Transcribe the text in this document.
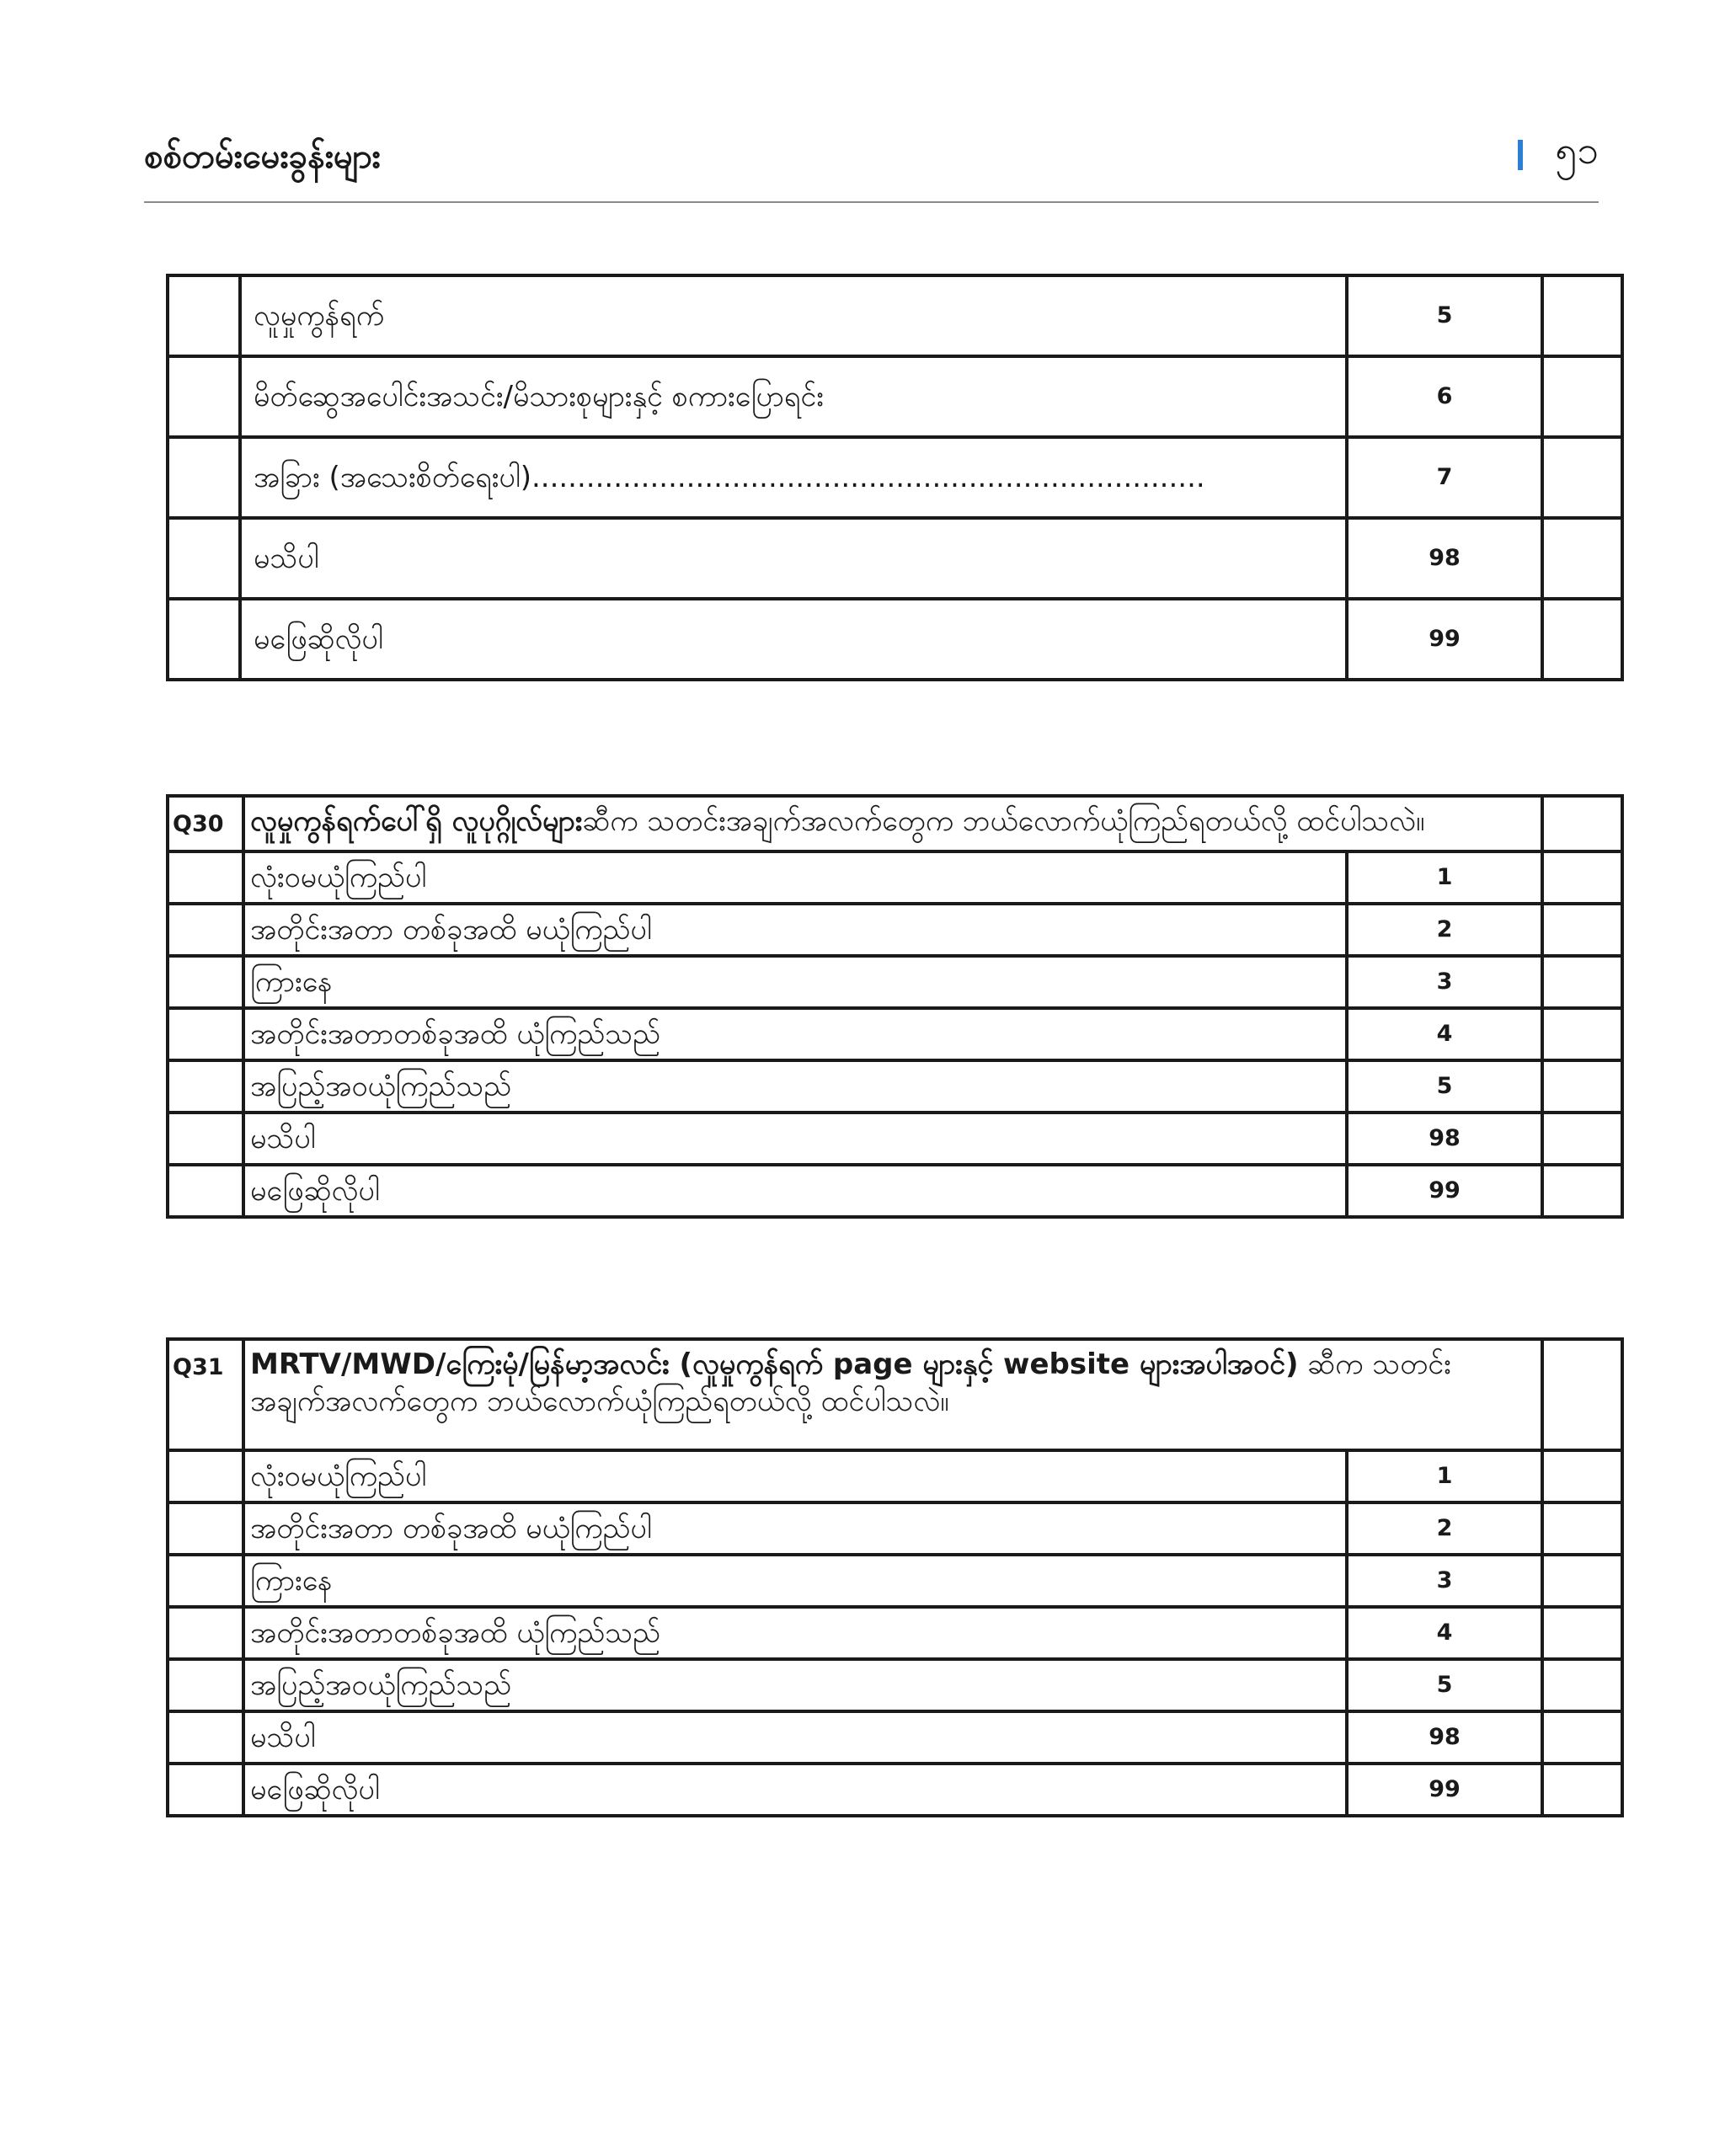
စစ်တမ်းမေးခွန်းများ	၅၁
	လူမှုကွန်ရက်	5	
	မိတ်ဆွေအပေါင်းအသင်း/မိသားစုများနှင့် စကားပြောရင်း	6	
	အခြား (အသေးစိတ်ရေးပါ)..........................................................................	7	
	မသိပါ	98	
	မဖြေဆိုလိုပါ	99	
Q30	လူမှုကွန်ရက်ပေါ်ရှိ လူပုဂ္ဂိုလ်များဆီက သတင်းအချက်အလက်တွေက ဘယ်လောက်ယုံကြည်ရတယ်လို့ ထင်ပါသလဲ။		
	လုံးဝမယုံကြည်ပါ	1	
	အတိုင်းအတာ တစ်ခုအထိ မယုံကြည်ပါ	2	
	ကြားနေ	3	
	အတိုင်းအတာတစ်ခုအထိ ယုံကြည်သည်	4	
	အပြည့်အဝယုံကြည်သည်	5	
	မသိပါ	98	
	မဖြေဆိုလိုပါ	99	
Q31	MRTV/MWD/ကြေးမုံ/မြန်မာ့အလင်း (လူမှုကွန်ရက် page များနှင့် website များအပါအဝင်) ဆီက သတင်းအချက်အလက်တွေက ဘယ်လောက်ယုံကြည်ရတယ်လို့ ထင်ပါသလဲ။		
	လုံးဝမယုံကြည်ပါ	1	
	အတိုင်းအတာ တစ်ခုအထိ မယုံကြည်ပါ	2	
	ကြားနေ	3	
	အတိုင်းအတာတစ်ခုအထိ ယုံကြည်သည်	4	
	အပြည့်အဝယုံကြည်သည်	5	
	မသိပါ	98	
	မဖြေဆိုလိုပါ	99	
